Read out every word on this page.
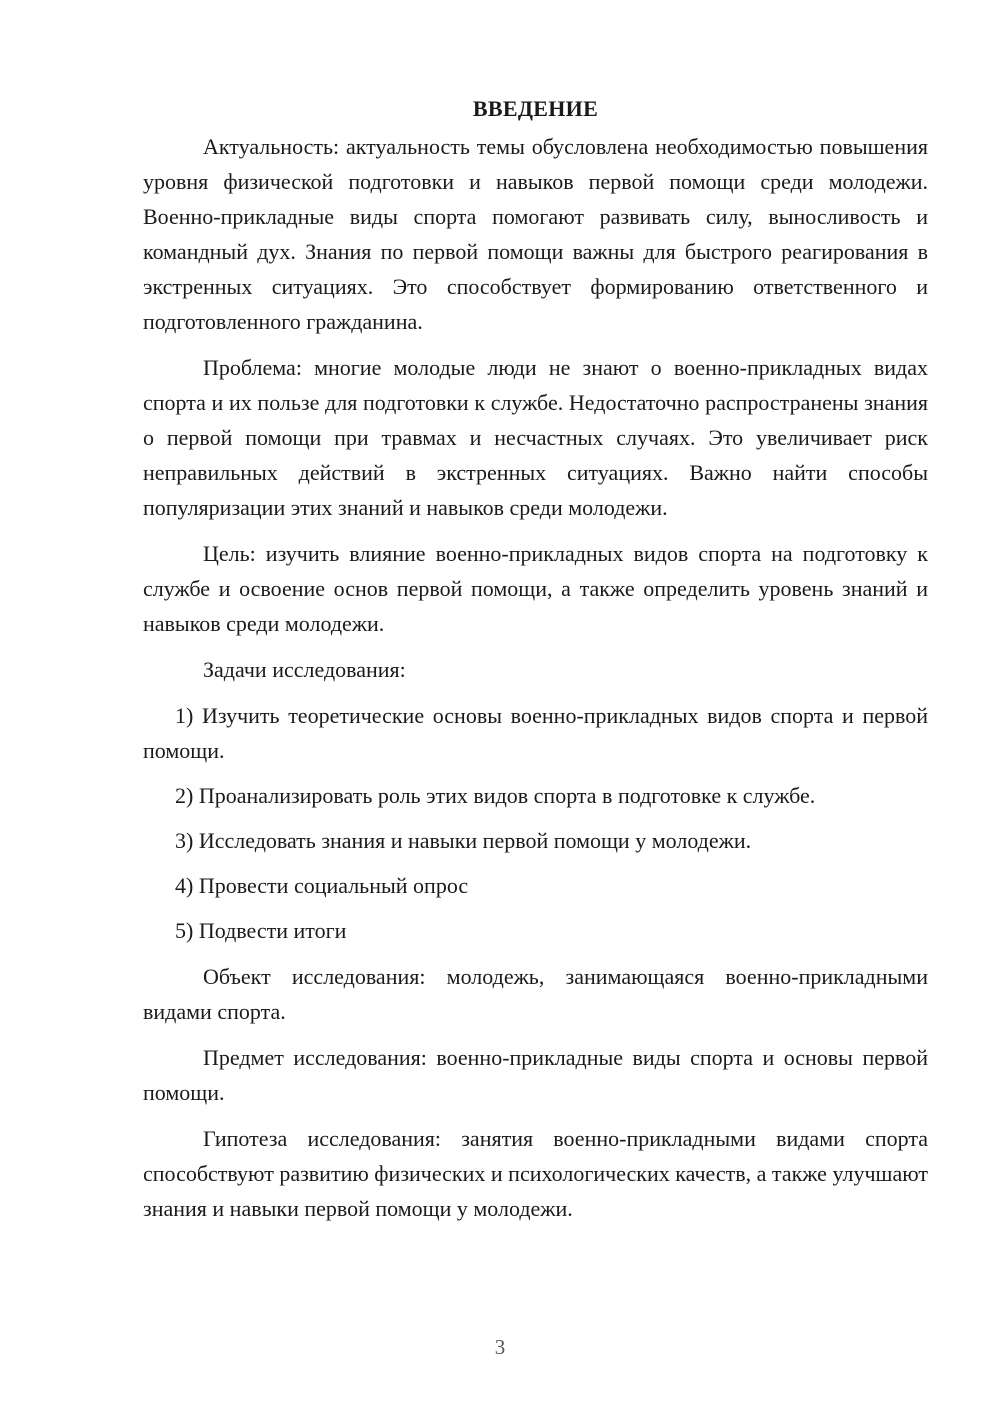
ВВЕДЕНИЕ

Актуальность: актуальность темы обусловлена необходимостью повышения уровня физической подготовки и навыков первой помощи среди молодежи. Военно-прикладные виды спорта помогают развивать силу, выносливость и командный дух. Знания по первой помощи важны для быстрого реагирования в экстренных ситуациях. Это способствует формированию ответственного и подготовленного гражданина.

Проблема: многие молодые люди не знают о военно-прикладных видах спорта и их пользе для подготовки к службе. Недостаточно распространены знания о первой помощи при травмах и несчастных случаях. Это увеличивает риск неправильных действий в экстренных ситуациях. Важно найти способы популяризации этих знаний и навыков среди молодежи.

Цель: изучить влияние военно-прикладных видов спорта на подготовку к службе и освоение основ первой помощи, а также определить уровень знаний и навыков среди молодежи.

Задачи исследования:

1) Изучить теоретические основы военно-прикладных видов спорта и первой помощи.

2) Проанализировать роль этих видов спорта в подготовке к службе.

3) Исследовать знания и навыки первой помощи у молодежи.

4) Провести социальный опрос

5) Подвести итоги

Объект исследования: молодежь, занимающаяся военно-прикладными видами спорта.

Предмет исследования: военно-прикладные виды спорта и основы первой помощи.

Гипотеза исследования: занятия военно-прикладными видами спорта способствуют развитию физических и психологических качеств, а также улучшают знания и навыки первой помощи у молодежи.

3
